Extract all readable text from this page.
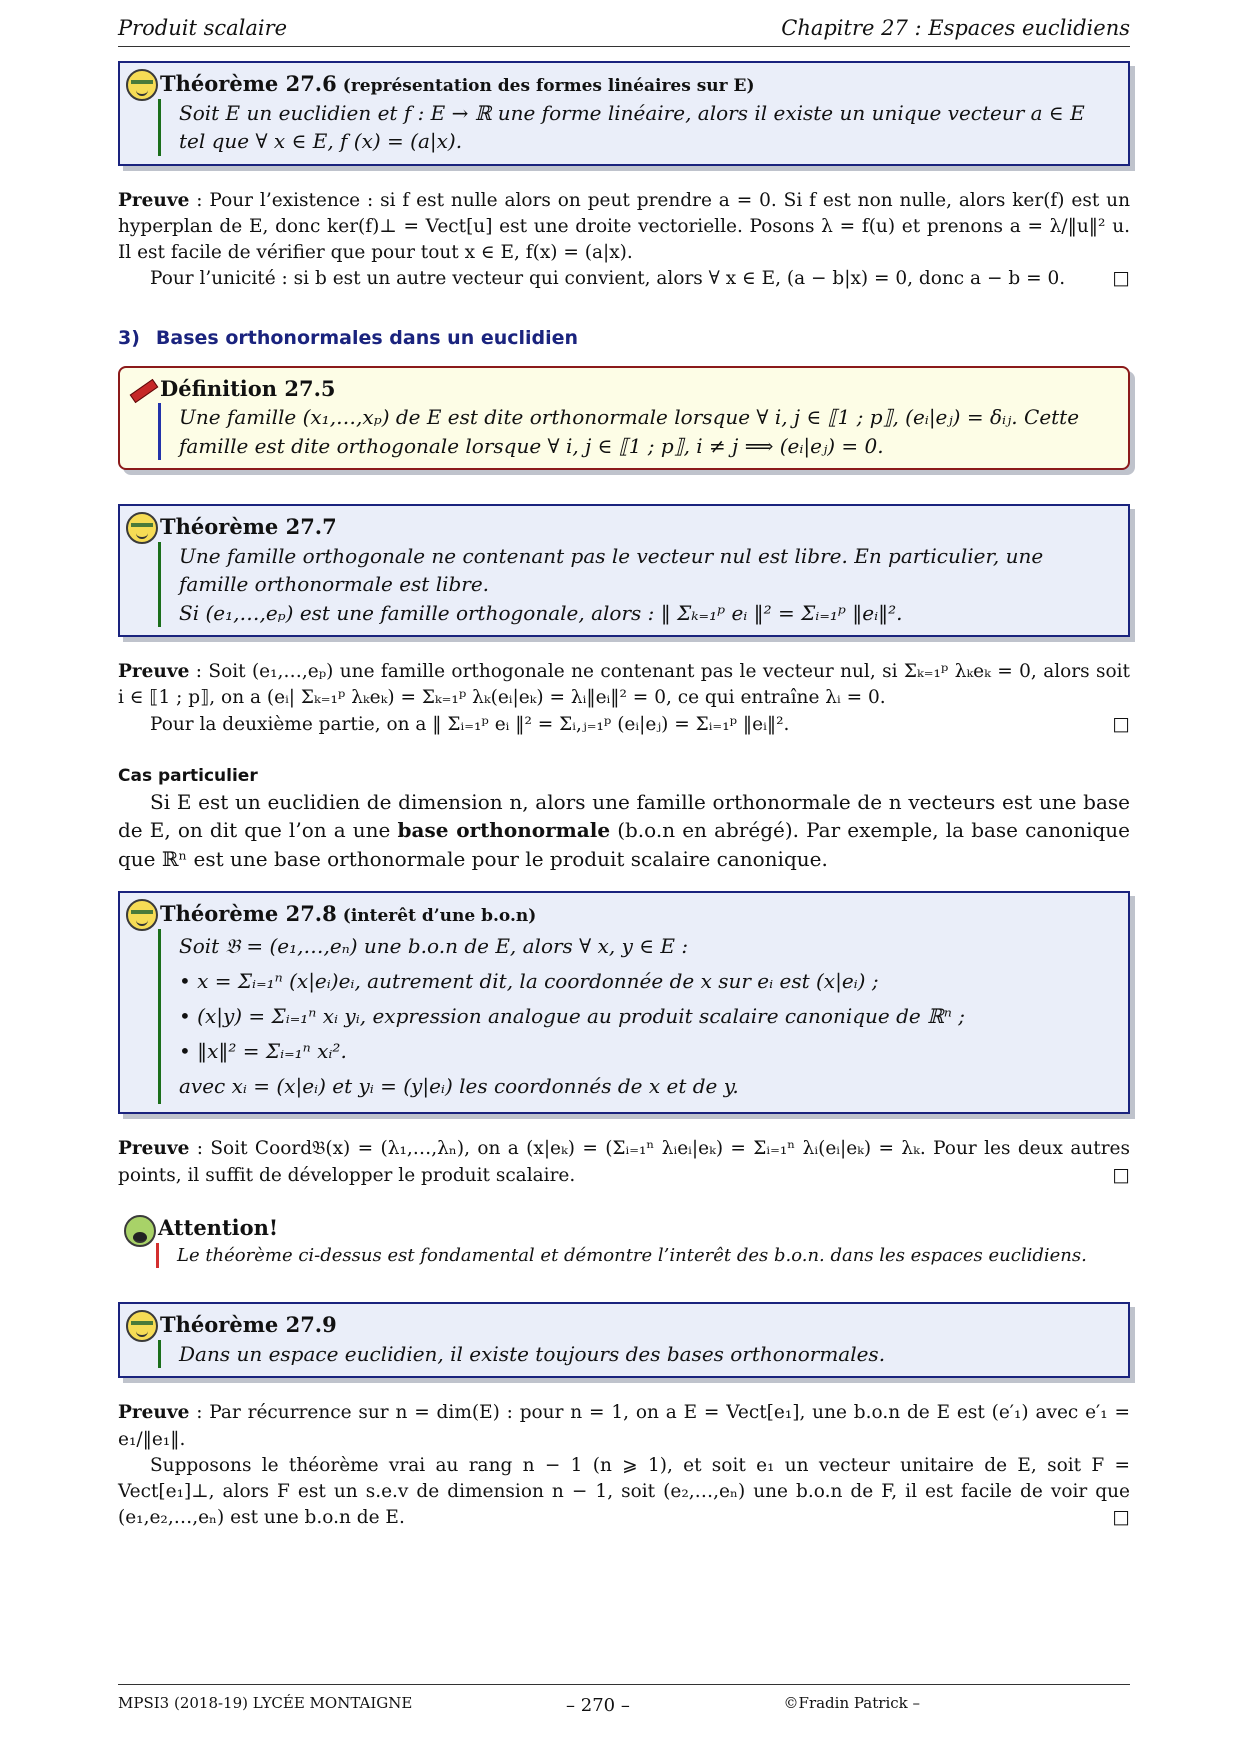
Produit scalaire	Chapitre 27 : Espaces euclidiens
Théorème 27.6 (représentation des formes linéaires sur E)
Soit E un euclidien et f : E → ℝ une forme linéaire, alors il existe un unique vecteur a ∈ E tel que ∀ x ∈ E, f (x) = (a|x).

Preuve : Pour l’existence : si f est nulle alors on peut prendre a = 0. Si f est non nulle, alors ker(f) est un hyperplan de E, donc ker(f)⊥ = Vect[u] est une droite vectorielle. Posons λ = f(u) et prenons a = λ/‖u‖² u. Il est facile de vérifier que pour tout x ∈ E, f(x) = (a|x).

Pour l’unicité : si b est un autre vecteur qui convient, alors ∀ x ∈ E, (a − b|x) = 0, donc a − b = 0.	□

3) Bases orthonormales dans un euclidien
Définition 27.5
Une famille (x₁,…,xₚ) de E est dite orthonormale lorsque ∀ i, j ∈ ⟦1 ; p⟧, (eᵢ|eⱼ) = δᵢⱼ. Cette famille est dite orthogonale lorsque ∀ i, j ∈ ⟦1 ; p⟧, i ≠ j ⟹ (eᵢ|eⱼ) = 0.
Théorème 27.7

Une famille orthogonale ne contenant pas le vecteur nul est libre. En particulier, une famille orthonormale est libre.

Si (e₁,…,eₚ) est une famille orthogonale, alors : ‖ Σₖ₌₁ᵖ eᵢ ‖² = Σᵢ₌₁ᵖ ‖eᵢ‖².

Preuve : Soit (e₁,…,eₚ) une famille orthogonale ne contenant pas le vecteur nul, si Σₖ₌₁ᵖ λₖeₖ = 0, alors soit i ∈ ⟦1 ; p⟧, on a (eᵢ| Σₖ₌₁ᵖ λₖeₖ) = Σₖ₌₁ᵖ λₖ(eᵢ|eₖ) = λᵢ‖eᵢ‖² = 0, ce qui entraîne λᵢ = 0.

Pour la deuxième partie, on a ‖ Σᵢ₌₁ᵖ eᵢ ‖² = Σᵢ,ⱼ₌₁ᵖ (eᵢ|eⱼ) = Σᵢ₌₁ᵖ ‖eᵢ‖².	□

Cas particulier

Si E est un euclidien de dimension n, alors une famille orthonormale de n vecteurs est une base de E, on dit que l’on a une base orthonormale (b.o.n en abrégé). Par exemple, la base canonique que ℝⁿ est une base orthonormale pour le produit scalaire canonique.

Théorème 27.8 (interêt d’une b.o.n)

Soit 𝔅 = (e₁,…,eₙ) une b.o.n de E, alors ∀ x, y ∈ E :

• x = Σᵢ₌₁ⁿ (x|eᵢ)eᵢ, autrement dit, la coordonnée de x sur eᵢ est (x|eᵢ) ;

• (x|y) = Σᵢ₌₁ⁿ xᵢ yᵢ, expression analogue au produit scalaire canonique de ℝⁿ ;

• ‖x‖² = Σᵢ₌₁ⁿ xᵢ².

avec xᵢ = (x|eᵢ) et yᵢ = (y|eᵢ) les coordonnés de x et de y.

Preuve : Soit Coord𝔅(x) = (λ₁,…,λₙ), on a (x|eₖ) = (Σᵢ₌₁ⁿ λᵢeᵢ|eₖ) = Σᵢ₌₁ⁿ λᵢ(eᵢ|eₖ) = λₖ. Pour les deux autres points, il suffit de développer le produit scalaire.	□

Attention!
Le théorème ci-dessus est fondamental et démontre l’interêt des b.o.n. dans les espaces euclidiens.
Théorème 27.9
Dans un espace euclidien, il existe toujours des bases orthonormales.

Preuve : Par récurrence sur n = dim(E) : pour n = 1, on a E = Vect[e₁], une b.o.n de E est (e′₁) avec e′₁ = e₁/‖e₁‖.

Supposons le théorème vrai au rang n − 1 (n ⩾ 1), et soit e₁ un vecteur unitaire de E, soit F = Vect[e₁]⊥, alors F est un s.e.v de dimension n − 1, soit (e₂,…,eₙ) une b.o.n de F, il est facile de voir que (e₁,e₂,…,eₙ) est une b.o.n de E.	□

MPSI3 (2018-19) LYCÉE MONTAIGNE	– 270 –	©Fradin Patrick –
